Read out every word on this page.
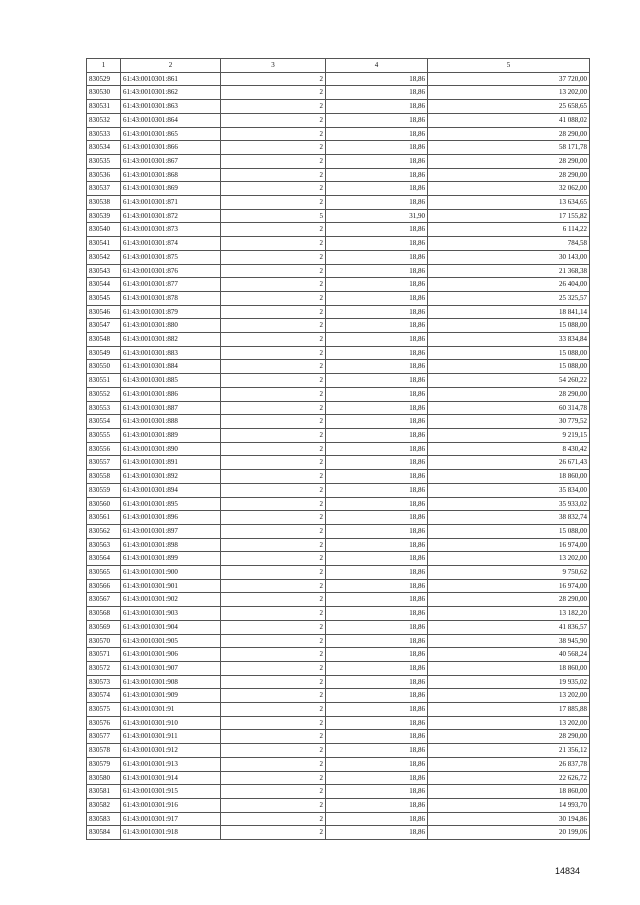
1	2	3	4	5
830529	61:43:0010301:861	2	18,86	37 720,00
830530	61:43:0010301:862	2	18,86	13 202,00
830531	61:43:0010301:863	2	18,86	25 658,65
830532	61:43:0010301:864	2	18,86	41 088,02
830533	61:43:0010301:865	2	18,86	28 290,00
830534	61:43:0010301:866	2	18,86	58 171,78
830535	61:43:0010301:867	2	18,86	28 290,00
830536	61:43:0010301:868	2	18,86	28 290,00
830537	61:43:0010301:869	2	18,86	32 062,00
830538	61:43:0010301:871	2	18,86	13 634,65
830539	61:43:0010301:872	5	31,90	17 155,82
830540	61:43:0010301:873	2	18,86	6 114,22
830541	61:43:0010301:874	2	18,86	784,58
830542	61:43:0010301:875	2	18,86	30 143,00
830543	61:43:0010301:876	2	18,86	21 368,38
830544	61:43:0010301:877	2	18,86	26 404,00
830545	61:43:0010301:878	2	18,86	25 325,57
830546	61:43:0010301:879	2	18,86	18 841,14
830547	61:43:0010301:880	2	18,86	15 088,00
830548	61:43:0010301:882	2	18,86	33 834,84
830549	61:43:0010301:883	2	18,86	15 088,00
830550	61:43:0010301:884	2	18,86	15 088,00
830551	61:43:0010301:885	2	18,86	54 260,22
830552	61:43:0010301:886	2	18,86	28 290,00
830553	61:43:0010301:887	2	18,86	60 314,78
830554	61:43:0010301:888	2	18,86	30 779,52
830555	61:43:0010301:889	2	18,86	9 219,15
830556	61:43:0010301:890	2	18,86	8 430,42
830557	61:43:0010301:891	2	18,86	26 671,43
830558	61:43:0010301:892	2	18,86	18 860,00
830559	61:43:0010301:894	2	18,86	35 834,00
830560	61:43:0010301:895	2	18,86	35 933,02
830561	61:43:0010301:896	2	18,86	38 832,74
830562	61:43:0010301:897	2	18,86	15 088,00
830563	61:43:0010301:898	2	18,86	16 974,00
830564	61:43:0010301:899	2	18,86	13 202,00
830565	61:43:0010301:900	2	18,86	9 750,62
830566	61:43:0010301:901	2	18,86	16 974,00
830567	61:43:0010301:902	2	18,86	28 290,00
830568	61:43:0010301:903	2	18,86	13 182,20
830569	61:43:0010301:904	2	18,86	41 836,57
830570	61:43:0010301:905	2	18,86	38 945,90
830571	61:43:0010301:906	2	18,86	40 568,24
830572	61:43:0010301:907	2	18,86	18 860,00
830573	61:43:0010301:908	2	18,86	19 935,02
830574	61:43:0010301:909	2	18,86	13 202,00
830575	61:43:0010301:91	2	18,86	17 885,88
830576	61:43:0010301:910	2	18,86	13 202,00
830577	61:43:0010301:911	2	18,86	28 290,00
830578	61:43:0010301:912	2	18,86	21 356,12
830579	61:43:0010301:913	2	18,86	26 837,78
830580	61:43:0010301:914	2	18,86	22 626,72
830581	61:43:0010301:915	2	18,86	18 860,00
830582	61:43:0010301:916	2	18,86	14 993,70
830583	61:43:0010301:917	2	18,86	30 194,86
830584	61:43:0010301:918	2	18,86	20 199,06
14834
